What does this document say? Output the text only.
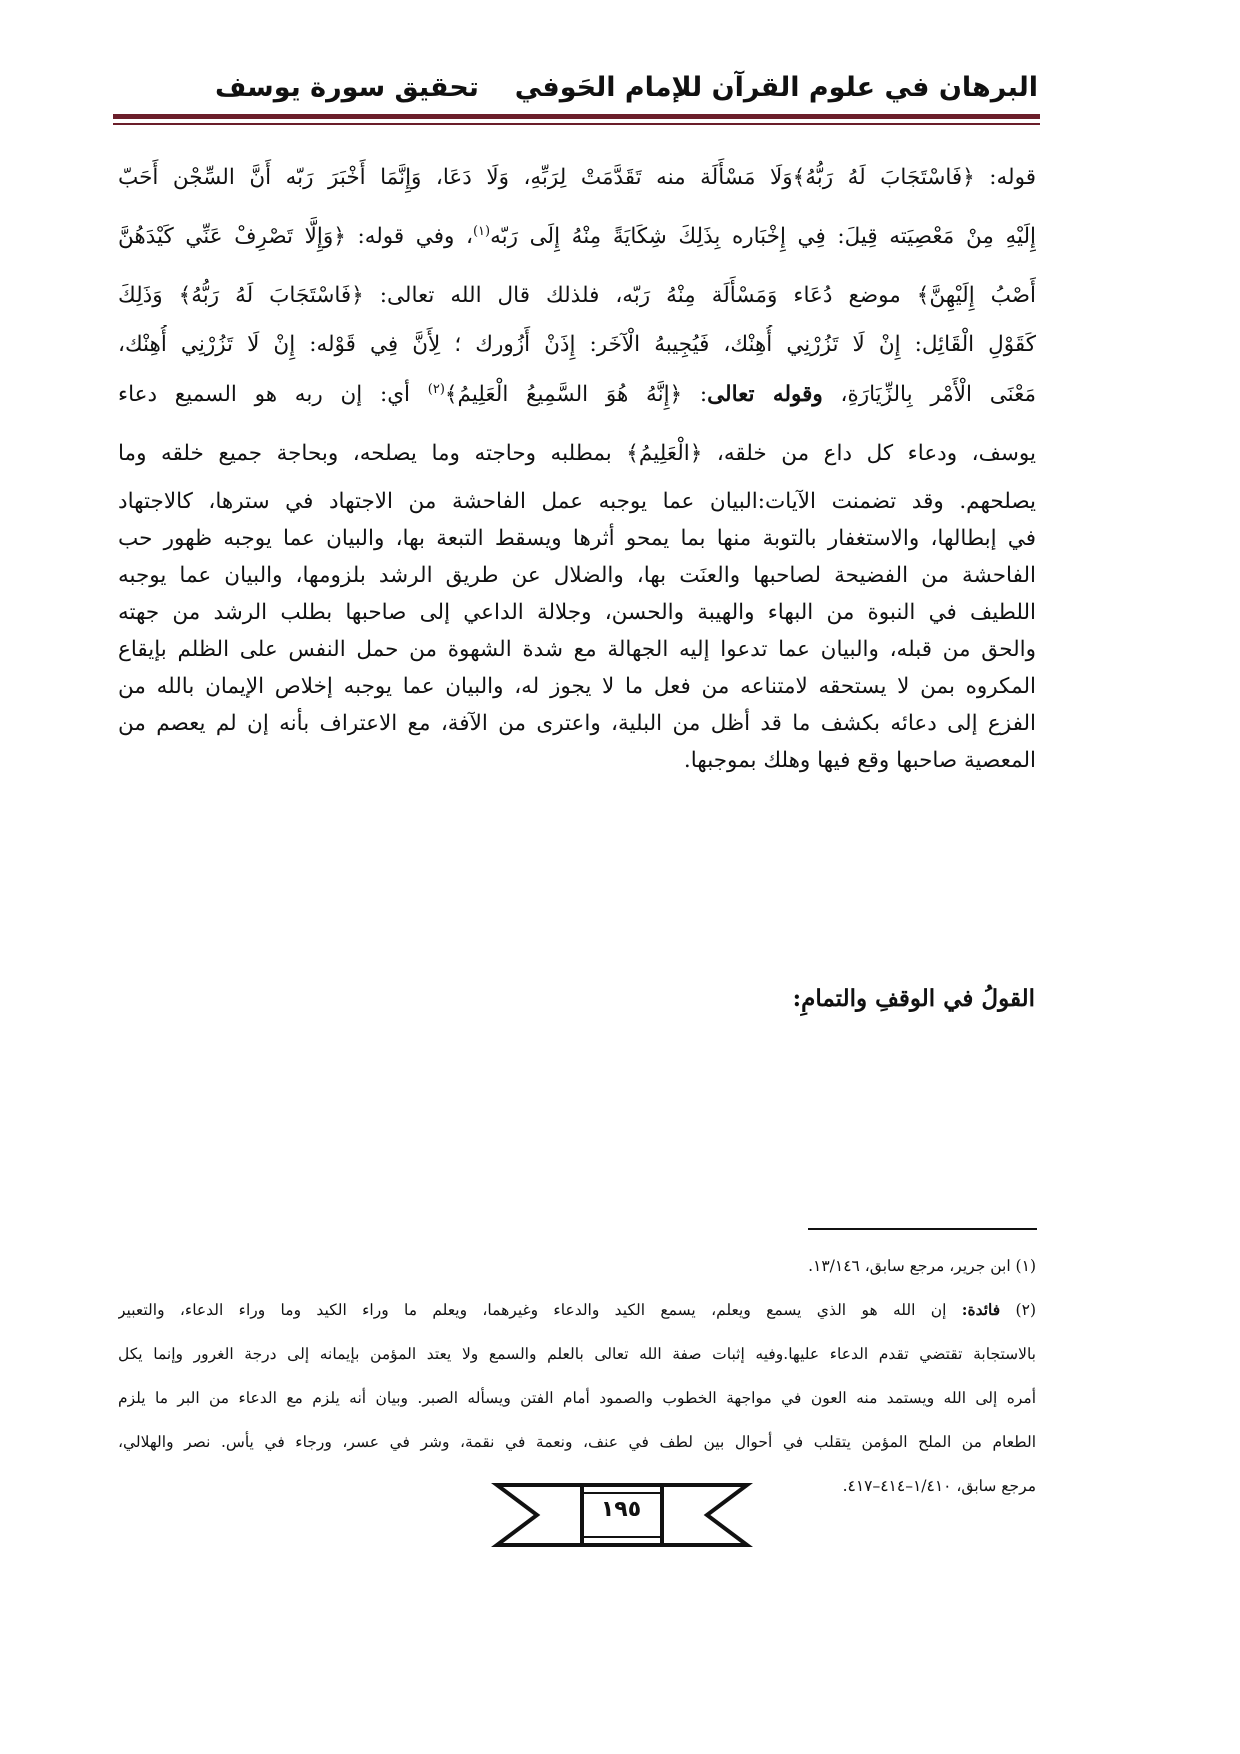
البرهان في علوم القرآن للإمام الحَوفي
تحقيق سورة يوسف

قوله: ﴿فَاسْتَجَابَ لَهُ رَبُّهُ﴾وَلَا مَسْأَلَة منه تَقَدَّمَتْ لِرَبِّهِ، وَلَا دَعَا، وَإِنَّمَا أَخْبَرَ رَبّه أَنَّ السِّجْن أَحَبّ
إِلَيْهِ مِنْ مَعْصِيَته قِيلَ: فِي إِخْبَاره بِذَلِكَ شِكَايَةً مِنْهُ إِلَى رَبّه$^{(١)}$، وفي قوله: ﴿وَإِلَّا تَصْرِفْ عَنِّي كَيْدَهُنَّ
أَصْبُ إِلَيْهِنَّ﴾ موضع دُعَاء وَمَسْأَلَة مِنْهُ رَبّه، فلذلك قال الله تعالى: ﴿فَاسْتَجَابَ لَهُ رَبُّهُ﴾ وَذَلِكَ
كَقَوْلِ الْقَائِل: إِنْ لَا تَزُرْنِي أُهِنْك، فَيُجِيبهُ الْآخَر: إِذَنْ أَزُورك ؛ لِأَنَّ فِي قَوْله: إِنْ لَا تَزُرْنِي أُهِنْك،
مَعْنَى الْأَمْر بِالزِّيَارَةِ، وقوله تعالى: ﴿إِنَّهُ هُوَ السَّمِيعُ الْعَلِيمُ﴾$^{(٢)}$ أي: إن ربه هو السميع دعاء
يوسف، ودعاء كل داع من خلقه، ﴿الْعَلِيمُ﴾ بمطلبه وحاجته وما يصلحه، وبحاجة جميع خلقه وما
يصلحهم. وقد تضمنت الآيات:البيان عما يوجبه عمل الفاحشة من الاجتهاد في سترها، كالاجتهاد
في إبطالها، والاستغفار بالتوبة منها بما يمحو أثرها ويسقط التبعة بها، والبيان عما يوجبه ظهور حب
الفاحشة من الفضيحة لصاحبها والعنَت بها، والضلال عن طريق الرشد بلزومها، والبيان عما يوجبه
اللطيف في النبوة من البهاء والهيبة والحسن، وجلالة الداعي إلى صاحبها بطلب الرشد من جهته
والحق من قبله، والبيان عما تدعوا إليه الجهالة مع شدة الشهوة من حمل النفس على الظلم بإيقاع
المكروه بمن لا يستحقه لامتناعه من فعل ما لا يجوز له، والبيان عما يوجبه إخلاص الإيمان بالله من
الفزع إلى دعائه بكشف ما قد أظل من البلية، واعترى من الآفة، مع الاعتراف بأنه إن لم يعصم من
المعصية صاحبها وقع فيها وهلك بموجبها.

القولُ في الوقفِ والتمامِ:
(١) ابن جرير، مرجع سابق، ١٣/١٤٦.
(٢) فائدة: إن الله هو الذي يسمع ويعلم، يسمع الكيد والدعاء وغيرهما، ويعلم ما وراء الكيد وما وراء الدعاء، والتعبير
بالاستجابة تقتضي تقدم الدعاء عليها.وفيه إثبات صفة الله تعالى بالعلم والسمع ولا يعتد المؤمن بإيمانه إلى درجة الغرور وإنما يكل
أمره إلى الله ويستمد منه العون في مواجهة الخطوب والصمود أمام الفتن ويسأله الصبر. وبيان أنه يلزم مع الدعاء من البر ما يلزم
الطعام من الملح المؤمن يتقلب في أحوال بين لطف في عنف، ونعمة في نقمة، وشر في عسر، ورجاء في يأس. نصر والهلالي،
مرجع سابق، ١/٤١٠–٤١٤–٤١٧.
١٩٥
